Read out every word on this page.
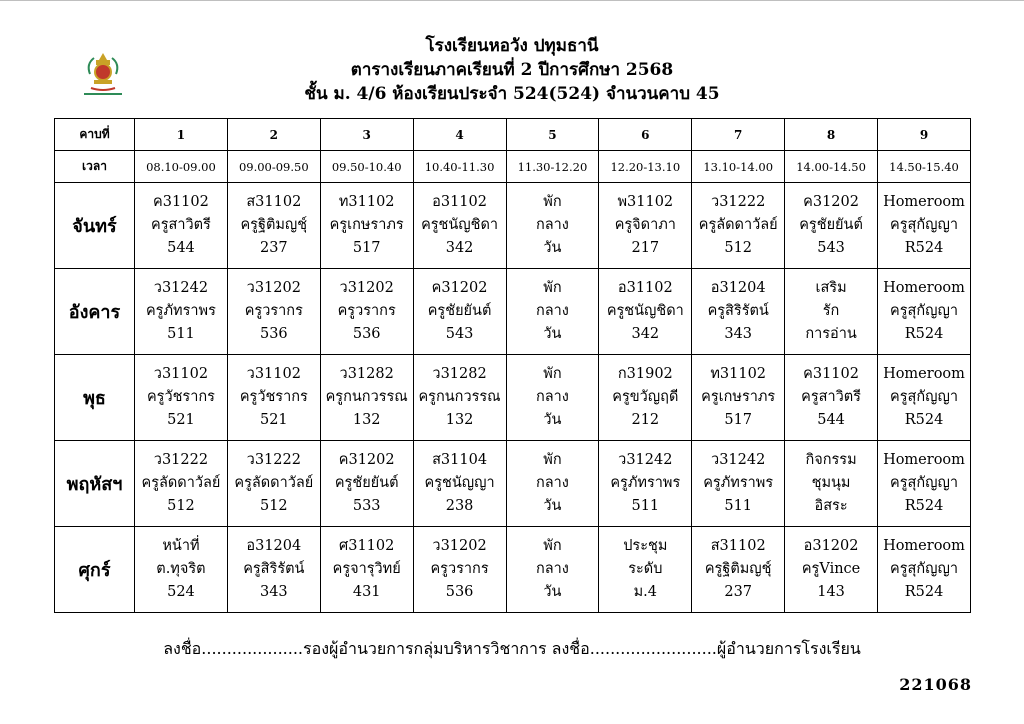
โรงเรียนหอวัง ปทุมธานี
ตารางเรียนภาคเรียนที่ 2 ปีการศึกษา 2568
ชั้น ม. 4/6 ห้องเรียนประจำ 524(524) จำนวนคาบ 45
คาบที่	1	2	3	4	5	6	7	8	9
เวลา	08.10-09.00	09.00-09.50	09.50-10.40	10.40-11.30	11.30-12.20	12.20-13.10	13.10-14.00	14.00-14.50	14.50-15.40
จันทร์	ค31102
ครูสาวิตรี
544	ส31102
ครูฐิติมญชุ์
237	ท31102
ครูเกษราภร
517	อ31102
ครูชนัญชิดา
342	พัก
กลาง
วัน	พ31102
ครูจิดาภา
217	ว31222
ครูลัดดาวัลย์
512	ค31202
ครูชัยยันต์
543	Homeroom
ครูสุกัญญา
R524

อังคาร	ว31242
ครูภัทราพร
511	ว31202
ครูวรากร
536	ว31202
ครูวรากร
536	ค31202
ครูชัยยันต์
543	พัก
กลาง
วัน	อ31102
ครูชนัญชิดา
342	อ31204
ครูสิริรัตน์
343	เสริม
รัก
การอ่าน	Homeroom
ครูสุกัญญา
R524

พุธ	ว31102
ครูวัชรากร
521	ว31102
ครูวัชรากร
521	ว31282
ครูกนกวรรณ
132	ว31282
ครูกนกวรรณ
132	พัก
กลาง
วัน	ก31902
ครูขวัญฤดี
212	ท31102
ครูเกษราภร
517	ค31102
ครูสาวิตรี
544	Homeroom
ครูสุกัญญา
R524

พฤหัสฯ	ว31222
ครูลัดดาวัลย์
512	ว31222
ครูลัดดาวัลย์
512	ค31202
ครูชัยยันต์
533	ส31104
ครูชนัญญา
238	พัก
กลาง
วัน	ว31242
ครูภัทราพร
511	ว31242
ครูภัทราพร
511	กิจกรรม
ชุมนุม
อิสระ	Homeroom
ครูสุกัญญา
R524

ศุกร์	หน้าที่
ต.ทุจริต
524	อ31204
ครูสิริรัตน์
343	ศ31102
ครูจารุวิทย์
431	ว31202
ครูวรากร
536	พัก
กลาง
วัน	ประชุม
ระดับ
ม.4	ส31102
ครูฐิติมญชุ์
237	อ31202
ครูVince
143	Homeroom
ครูสุกัญญา
R524
ลงชื่อ....................รองผู้อำนวยการกลุ่มบริหารวิชาการ ลงชื่อ.........................ผู้อำนวยการโรงเรียน
221068
